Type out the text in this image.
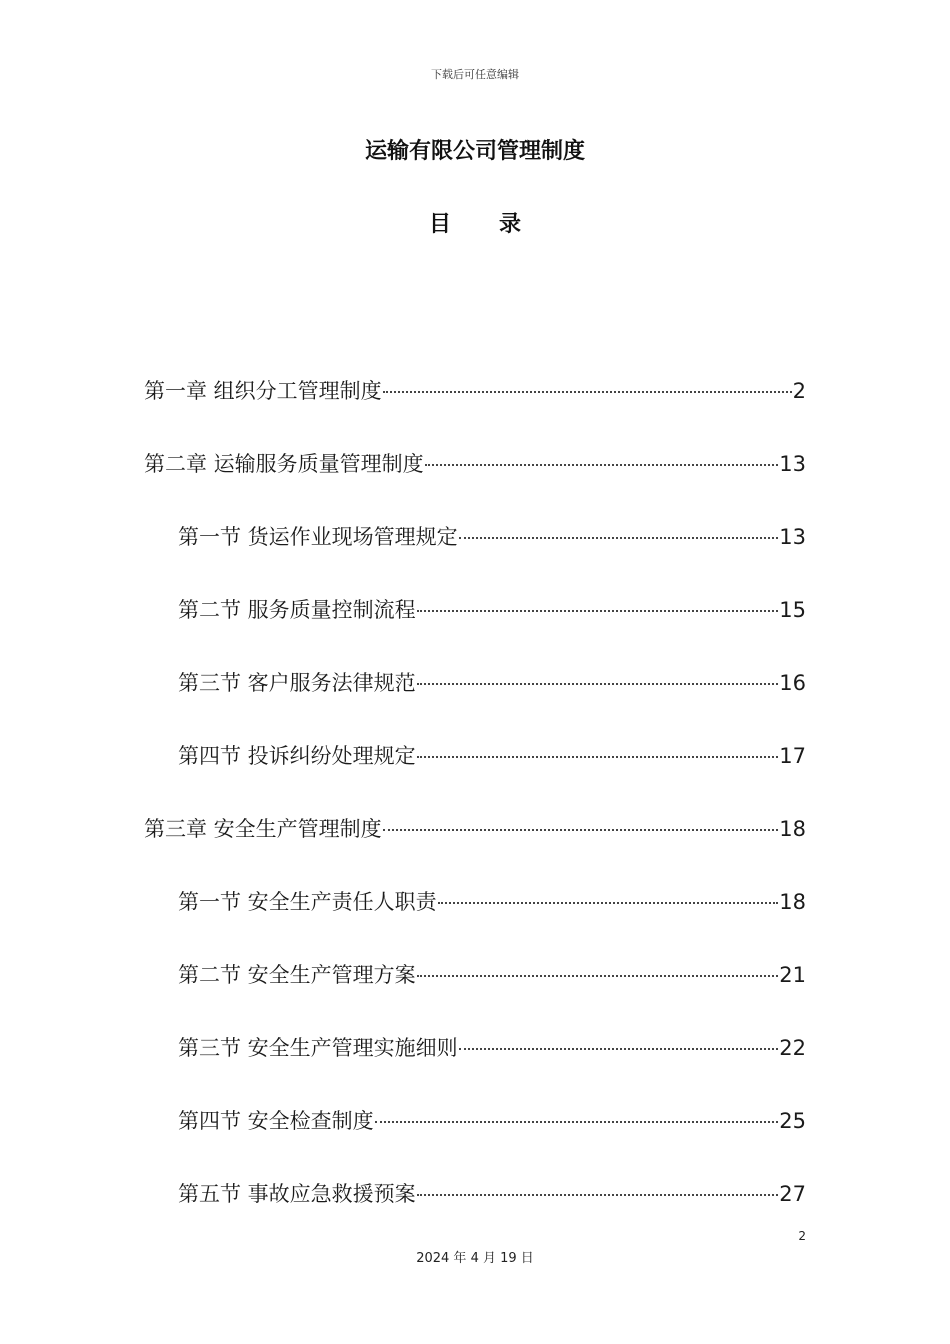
下载后可任意编辑
运输有限公司管理制度
目录
第一章 组织分工管理制度	2
第二章 运输服务质量管理制度	13
第一节 货运作业现场管理规定	13
第二节 服务质量控制流程	15
第三节 客户服务法律规范	16
第四节 投诉纠纷处理规定	17
第三章 安全生产管理制度	18
第一节 安全生产责任人职责	18
第二节 安全生产管理方案	21
第三节 安全生产管理实施细则	22
第四节 安全检查制度	25
第五节 事故应急救援预案	27
2
2024 年 4 月 19 日
